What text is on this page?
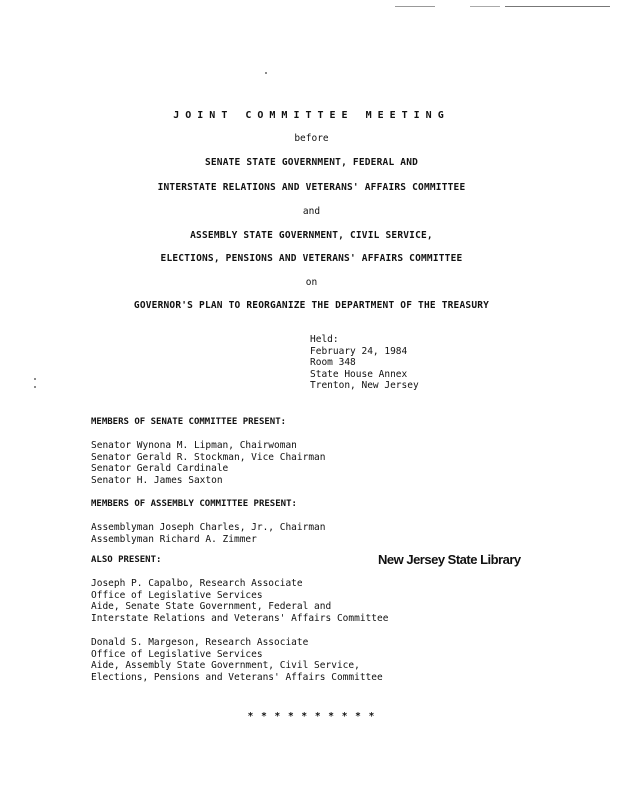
JOINT COMMITTEE MEETING
before
SENATE STATE GOVERNMENT, FEDERAL AND
INTERSTATE RELATIONS AND VETERANS' AFFAIRS COMMITTEE
and
ASSEMBLY STATE GOVERNMENT, CIVIL SERVICE,
ELECTIONS, PENSIONS AND VETERANS' AFFAIRS COMMITTEE
on
GOVERNOR'S PLAN TO REORGANIZE THE DEPARTMENT OF THE TREASURY
Held:
February 24, 1984
Room 348
State House Annex
Trenton, New Jersey
MEMBERS OF SENATE COMMITTEE PRESENT:
Senator Wynona M. Lipman, Chairwoman
Senator Gerald R. Stockman, Vice Chairman
Senator Gerald Cardinale
Senator H. James Saxton
MEMBERS OF ASSEMBLY COMMITTEE PRESENT:
Assemblyman Joseph Charles, Jr., Chairman
Assemblyman Richard A. Zimmer
ALSO PRESENT:	New Jersey State Library
Joseph P. Capalbo, Research Associate
Office of Legislative Services
Aide, Senate State Government, Federal and
Interstate Relations and Veterans' Affairs Committee
Donald S. Margeson, Research Associate
Office of Legislative Services
Aide, Assembly State Government, Civil Service,
Elections, Pensions and Veterans' Affairs Committee
* * * * * * * * * *
